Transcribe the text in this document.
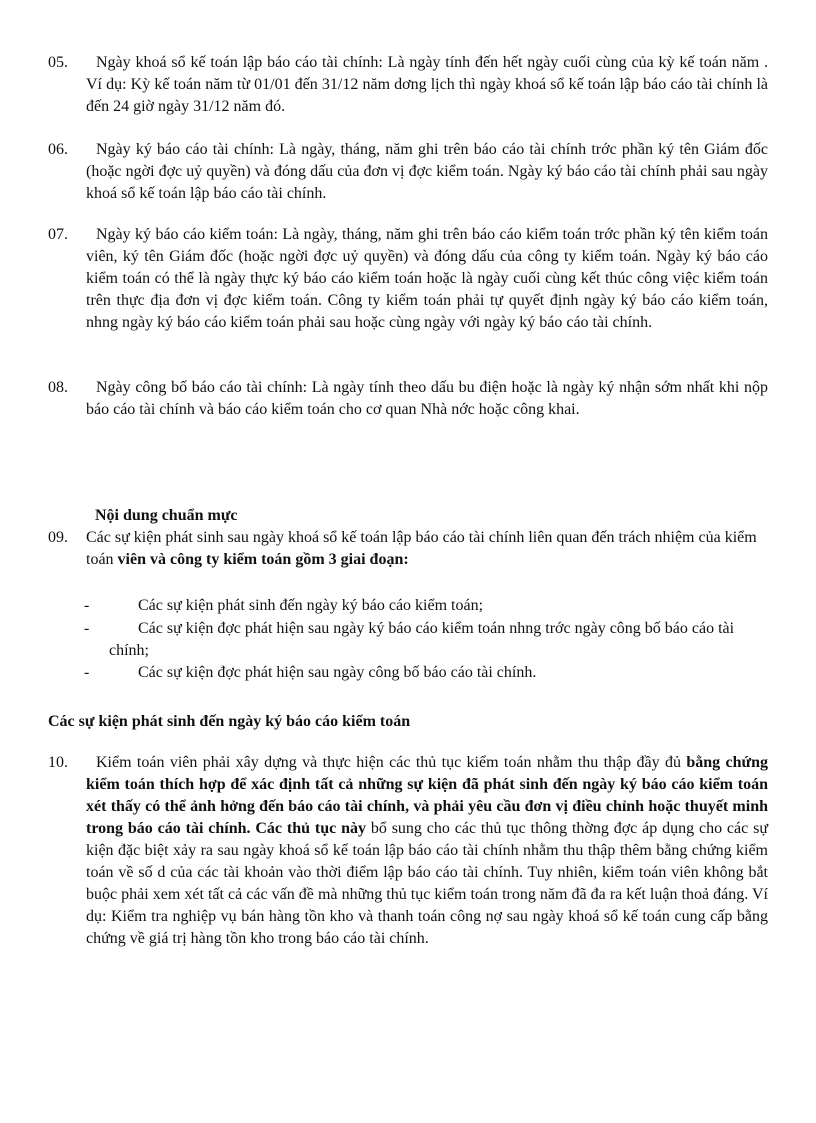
05.	Ngày khoá sổ kế toán lập báo cáo tài chính: Là ngày tính đến hết ngày cuối cùng của kỳ kế toán năm . Ví dụ: Kỳ kế toán năm từ 01/01 đến 31/12 năm dơng lịch thì ngày khoá sổ kế toán lập báo cáo tài chính là đến 24 giờ ngày 31/12 năm đó.
06.	Ngày ký báo cáo tài chính: Là ngày, tháng, năm ghi trên báo cáo tài chính trớc phần ký tên Giám đốc (hoặc ngời đợc uỷ quyền) và đóng dấu của đơn vị đợc kiểm toán. Ngày ký báo cáo tài chính phải sau ngày khoá sổ kế toán lập báo cáo tài chính.
07.	Ngày ký báo cáo kiểm toán: Là ngày, tháng, năm ghi trên báo cáo kiểm toán trớc phần ký tên kiểm toán viên, ký tên Giám đốc (hoặc ngời đợc uỷ quyền) và đóng dấu của công ty kiểm toán. Ngày ký báo cáo kiểm toán có thể là ngày thực ký báo cáo kiểm toán hoặc là ngày cuối cùng kết thúc công việc kiểm toán trên thực địa đơn vị đợc kiểm toán. Công ty kiểm toán phải tự quyết định ngày ký báo cáo kiểm toán, nhng ngày ký báo cáo kiểm toán phải sau hoặc cùng ngày với ngày ký báo cáo tài chính.
08.	Ngày công bố báo cáo tài chính: Là ngày tính theo dấu bu điện hoặc là ngày ký nhận sớm nhất khi nộp báo cáo tài chính và báo cáo kiểm toán cho cơ quan Nhà nớc hoặc công khai.
Nội dung chuẩn mực
09.	Các sự kiện phát sinh sau ngày khoá sổ kế toán lập báo cáo tài chính liên quan đến trách nhiệm của kiểm toán viên và công ty kiểm toán gồm 3 giai đoạn:
-	Các sự kiện phát sinh đến ngày ký báo cáo kiểm toán;
-	Các sự kiện đợc phát hiện sau ngày ký báo cáo kiểm toán nhng trớc ngày công bố báo cáo tài chính;
-	Các sự kiện đợc phát hiện sau ngày công bố báo cáo tài chính.
Các sự kiện phát sinh đến ngày ký báo cáo kiểm toán
10.	Kiểm toán viên phải xây dựng và thực hiện các thủ tục kiểm toán nhằm thu thập đầy đủ bằng chứng kiểm toán thích hợp để xác định tất cả những sự kiện đã phát sinh đến ngày ký báo cáo kiểm toán xét thấy có thể ảnh hởng đến báo cáo tài chính, và phải yêu cầu đơn vị điều chỉnh hoặc thuyết minh trong báo cáo tài chính. Các thủ tục này bổ sung cho các thủ tục thông thờng đợc áp dụng cho các sự kiện đặc biệt xảy ra sau ngày khoá sổ kế toán lập báo cáo tài chính nhằm thu thập thêm bằng chứng kiểm toán về số d của các tài khoản vào thời điểm lập báo cáo tài chính. Tuy nhiên, kiểm toán viên không bắt buộc phải xem xét tất cả các vấn đề mà những thủ tục kiểm toán trong năm đã đa ra kết luận thoả đáng. Ví dụ: Kiểm tra nghiệp vụ bán hàng tồn kho và thanh toán công nợ sau ngày khoá sổ kế toán cung cấp bằng chứng về giá trị hàng tồn kho trong báo cáo tài chính.
